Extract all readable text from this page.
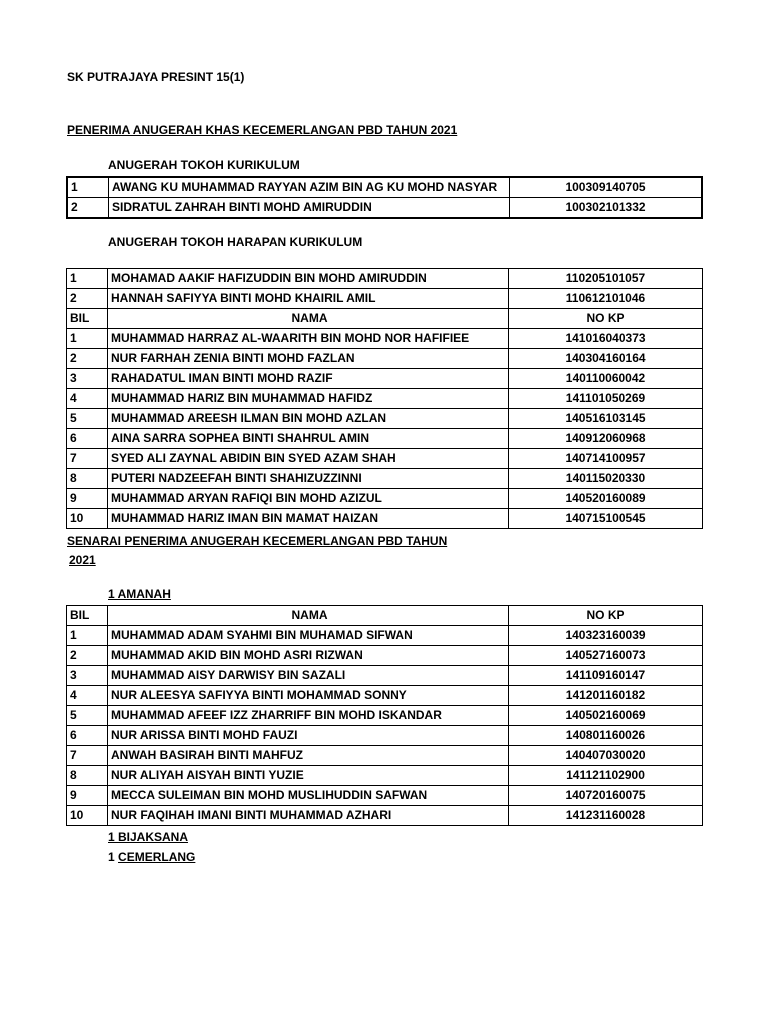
SK PUTRAJAYA PRESINT 15(1)
PENERIMA ANUGERAH KHAS KECEMERLANGAN PBD TAHUN 2021
ANUGERAH TOKOH KURIKULUM
1	AWANG KU MUHAMMAD RAYYAN AZIM BIN AG KU MOHD NASYAR	100309140705
2	SIDRATUL ZAHRAH BINTI MOHD AMIRUDDIN	100302101332
ANUGERAH TOKOH HARAPAN KURIKULUM
1	MOHAMAD AAKIF HAFIZUDDIN BIN MOHD AMIRUDDIN	110205101057
2	HANNAH SAFIYYA BINTI MOHD KHAIRIL AMIL	110612101046
BIL	NAMA	NO KP
1	MUHAMMAD HARRAZ AL-WAARITH BIN MOHD NOR HAFIFIEE	141016040373
2	NUR FARHAH ZENIA BINTI MOHD FAZLAN	140304160164
3	RAHADATUL IMAN BINTI MOHD RAZIF	140110060042
4	MUHAMMAD HARIZ BIN MUHAMMAD HAFIDZ	141101050269
5	MUHAMMAD AREESH ILMAN BIN MOHD AZLAN	140516103145
6	AINA SARRA SOPHEA BINTI SHAHRUL AMIN	140912060968
7	SYED ALI ZAYNAL ABIDIN BIN SYED AZAM SHAH	140714100957
8	PUTERI NADZEEFAH BINTI SHAHIZUZZINNI	140115020330
9	MUHAMMAD ARYAN RAFIQI BIN MOHD AZIZUL	140520160089
10	MUHAMMAD HARIZ IMAN BIN MAMAT HAIZAN	140715100545
SENARAI PENERIMA ANUGERAH KECEMERLANGAN PBD TAHUN
2021
1 AMANAH
BIL	NAMA	NO KP
1	MUHAMMAD ADAM SYAHMI BIN MUHAMAD SIFWAN	140323160039
2	MUHAMMAD AKID BIN MOHD ASRI RIZWAN	140527160073
3	MUHAMMAD AISY DARWISY BIN SAZALI	141109160147
4	NUR ALEESYA SAFIYYA BINTI MOHAMMAD SONNY	141201160182
5	MUHAMMAD AFEEF IZZ ZHARRIFF BIN MOHD ISKANDAR	140502160069
6	NUR ARISSA BINTI MOHD FAUZI	140801160026
7	ANWAH BASIRAH BINTI MAHFUZ	140407030020
8	NUR ALIYAH AISYAH BINTI YUZIE	141121102900
9	MECCA SULEIMAN BIN MOHD MUSLIHUDDIN SAFWAN	140720160075
10	NUR FAQIHAH IMANI BINTI MUHAMMAD AZHARI	141231160028
1 BIJAKSANA
1 CEMERLANG
